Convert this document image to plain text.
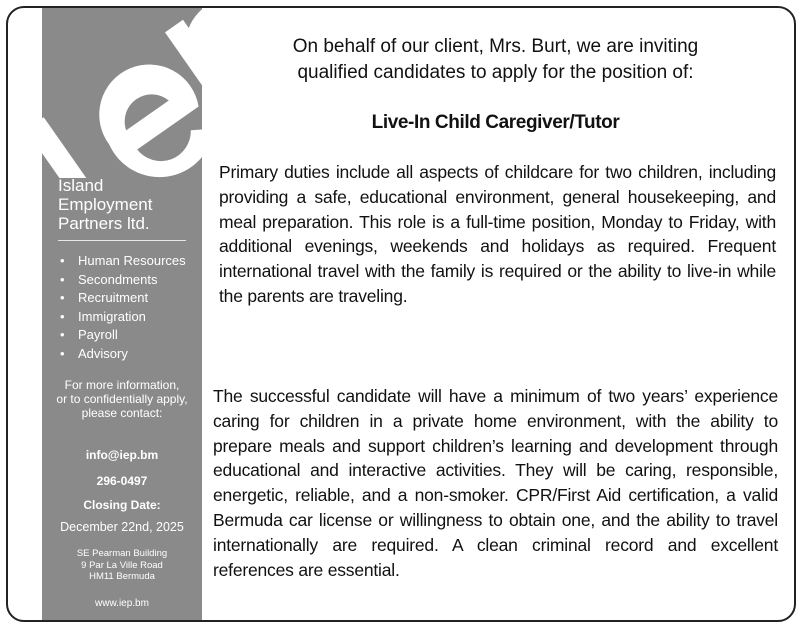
Island
Employment
Partners ltd.
• Human Resources
• Secondments
• Recruitment
• Immigration
• Payroll
• Advisory
For more information,
or to confidentially apply,
please contact:
info@iep.bm
296-0497
Closing Date:
December 22nd, 2025
SE Pearman Building
9 Par La Ville Road
HM11 Bermuda
www.iep.bm
On behalf of our client, Mrs. Burt, we are inviting
qualified candidates to apply for the position of:
Live-In Child Caregiver/Tutor
Primary duties include all aspects of childcare for two children, including providing a safe, educational environment, general housekeeping, and meal preparation. This role is a full-time position, Monday to Friday, with additional evenings, weekends and holidays as required. Frequent international travel with the family is required or the ability to live-in while the parents are traveling.
The successful candidate will have a minimum of two years’ experience caring for children in a private home environment, with the ability to prepare meals and support children’s learning and development through educational and interactive activities. They will be caring, responsible, energetic, reliable, and a non-smoker. CPR/First Aid certification, a valid Bermuda car license or willingness to obtain one, and the ability to travel internationally are required. A clean criminal record and excellent references are essential.
